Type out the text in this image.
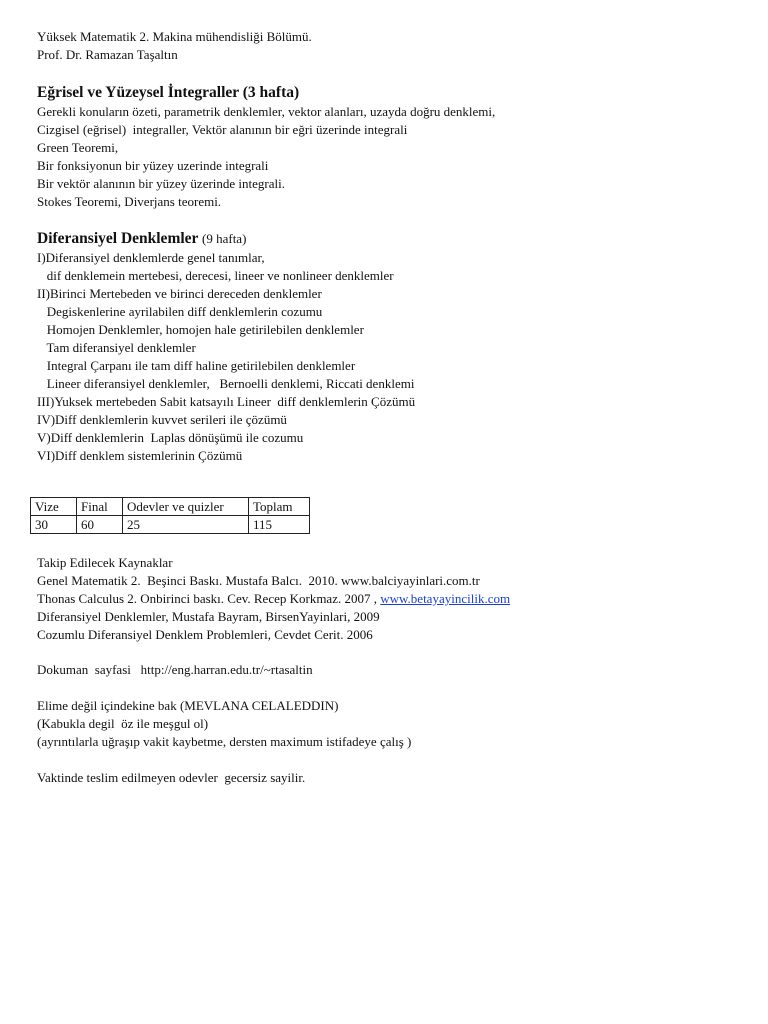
Yüksek Matematik 2. Makina mühendisliği Bölümü.
Prof. Dr. Ramazan Taşaltın
Eğrisel ve Yüzeysel İntegraller (3 hafta)
Gerekli konuların özeti, parametrik denklemler, vektor alanları, uzayda doğru denklemi,
Cizgisel (eğrisel)  integraller, Vektör alanının bir eğri üzerinde integrali
Green Teoremi,
Bir fonksiyonun bir yüzey uzerinde integrali
Bir vektör alanının bir yüzey üzerinde integrali.
Stokes Teoremi, Diverjans teoremi.
Diferansiyel Denklemler (9 hafta)
I)Diferansiyel denklemlerde genel tanımlar,
dif denklemein mertebesi, derecesi, lineer ve nonlineer denklemler
II)Birinci Mertebeden ve birinci dereceden denklemler
Degiskenlerine ayrilabilen diff denklemlerin cozumu
Homojen Denklemler, homojen hale getirilebilen denklemler
Tam diferansiyel denklemler
Integral Çarpanı ile tam diff haline getirilebilen denklemler
Lineer diferansiyel denklemler,   Bernoelli denklemi, Riccati denklemi
III)Yuksek mertebeden Sabit katsayılı Lineer  diff denklemlerin Çözümü
IV)Diff denklemlerin kuvvet serileri ile çözümü
V)Diff denklemlerin  Laplas dönüşümü ile cozumu
VI)Diff denklem sistemlerinin Çözümü
Vize	Final	Odevler ve quizler	Toplam
30	60	25	115
Takip Edilecek Kaynaklar
Genel Matematik 2.  Beşinci Baskı. Mustafa Balcı.  2010. www.balciyayinlari.com.tr
Thonas Calculus 2. Onbirinci baskı. Cev. Recep Korkmaz. 2007 , www.betayayincilik.com
Diferansiyel Denklemler, Mustafa Bayram, BirsenYayinlari, 2009
Cozumlu Diferansiyel Denklem Problemleri, Cevdet Cerit. 2006
Dokuman  sayfasi   http://eng.harran.edu.tr/~rtasaltin
Elime değil içindekine bak (MEVLANA CELALEDDIN)
(Kabukla degil  öz ile meşgul ol)
(ayrıntılarla uğraşıp vakit kaybetme, dersten maximum istifadeye çalış )
Vaktinde teslim edilmeyen odevler  gecersiz sayilir.
